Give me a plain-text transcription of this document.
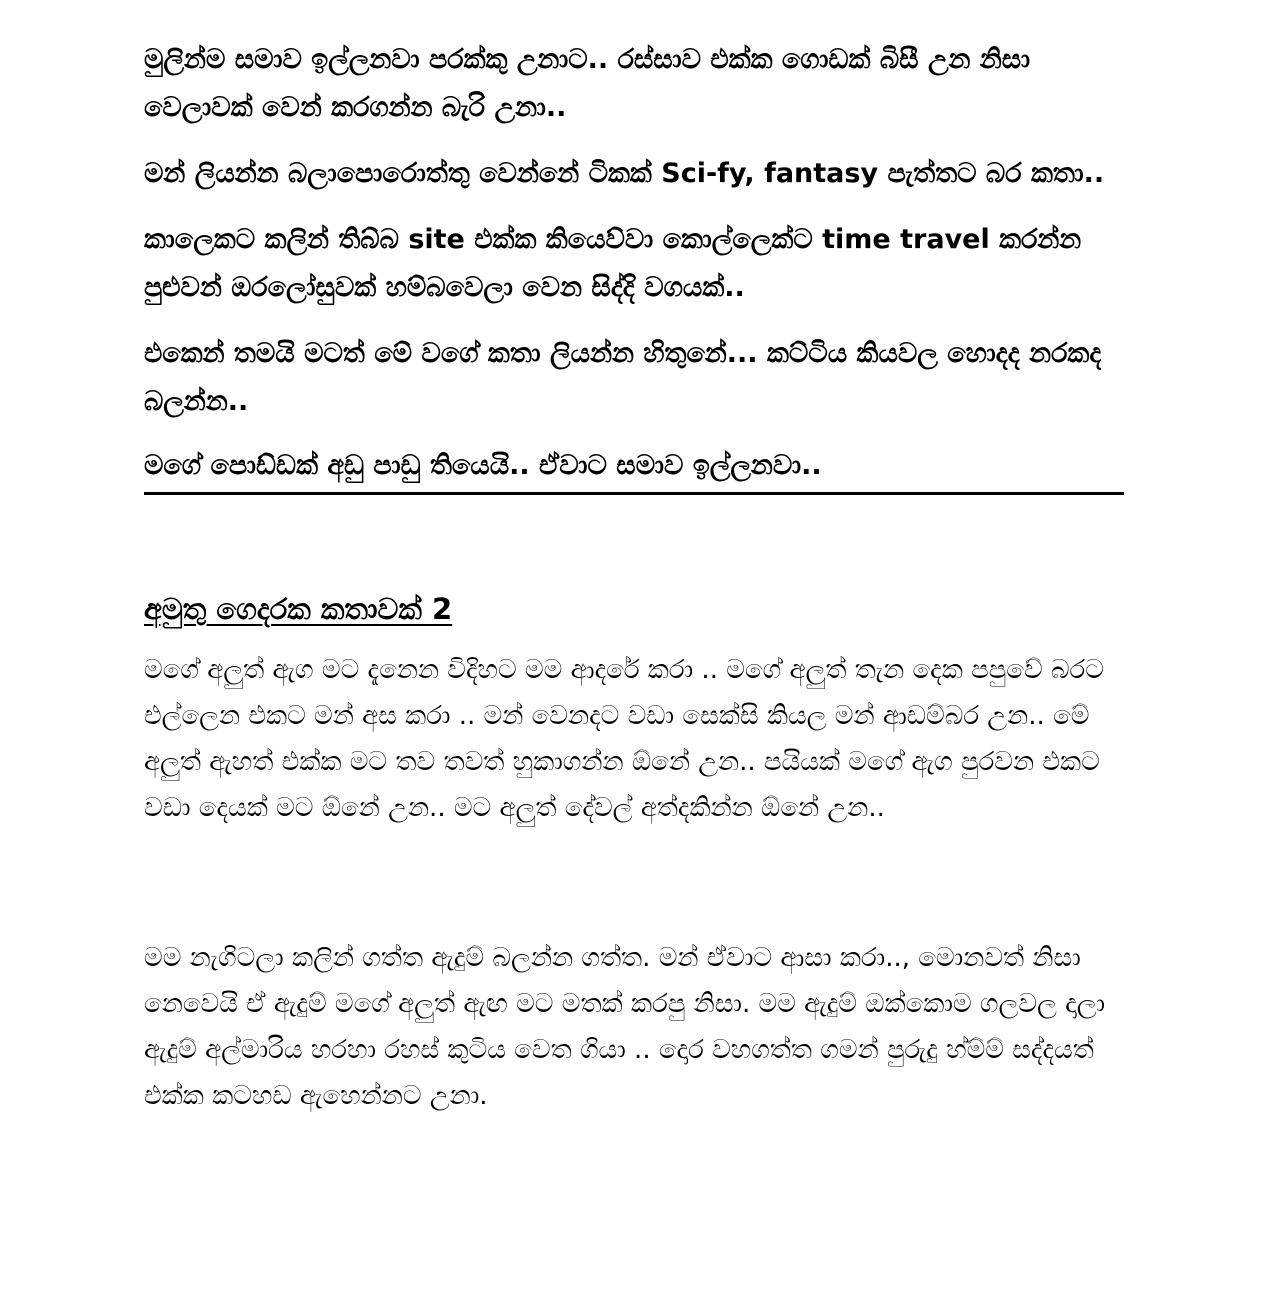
මුලින්ම සමාව ඉල්ලනවා පරක්කු උනාට.. රස්සාව එක්ක ගොඩක් බිසී උන නිසා වෙලාවක් වෙන් කරගන්න බැරි උනා..

මන් ලියන්න බලාපොරොත්තු වෙන්නේ ටිකක් Sci-fy, fantasy පැත්තට බර කතා..

කාලෙකට කලින් තිබ්බ site එක්ක කියෙව්වා කොල්ලෙක්ට time travel කරන්න පුළුවන් ඔරලෝසුවක් හම්බවෙලා වෙන සිද්දි වගයක්..

එකෙන් තමයි මටත් මේ වගේ කතා ලියන්න හිතුනේ... කට්ටිය කියවල හොදද නරකද බලන්න..

මගේ පොඩ්ඩක් අඩු පාඩු තියෙයි.. ඒවාට සමාව ඉල්ලනවා..

අමුතු ගෙදරක කතාවක් 2

මගේ අලුත් ඇග මට දැනෙන විදිහට මම ආදරේ කරා .. මගේ අලුත් තැන දෙක පපුවේ බරට එල්ලෙන එකට මන් අස කරා .. මන් වෙනදට වඩා සෙක්සි කියල මන් ආඩම්බර උන.. මේ අලුත් ඇහත් එක්ක මට තව තවත් හුකාගන්න ඕනේ උන.. පයියක් මගේ ඇග පුරවන එකට වඩා දෙයක් මට ඕනේ උන.. මට අලුත් දේවල් අත්දකින්න ඕනේ උන..

මම නැගිටලා කලින් ගත්ත ඇදුම් බලන්න ගත්ත. මන් ඒවාට ආසා කරා.., මොනවත් නිසා නෙවෙයි ඒ ඇදුම් මගේ අලුත් ඇඟ මට මතක් කරපු නිසා. මම ඇදුම් ඔක්කොම ගලවල දාලා ඇදුම් අල්මාරිය හරහා රහස් කුටිය වෙත ගියා .. දොර වහගත්ත ගමන් පුරුදු හ්ම්ම් සද්දයත් එක්ක කටහඩ ඇහෙන්නට උනා.
